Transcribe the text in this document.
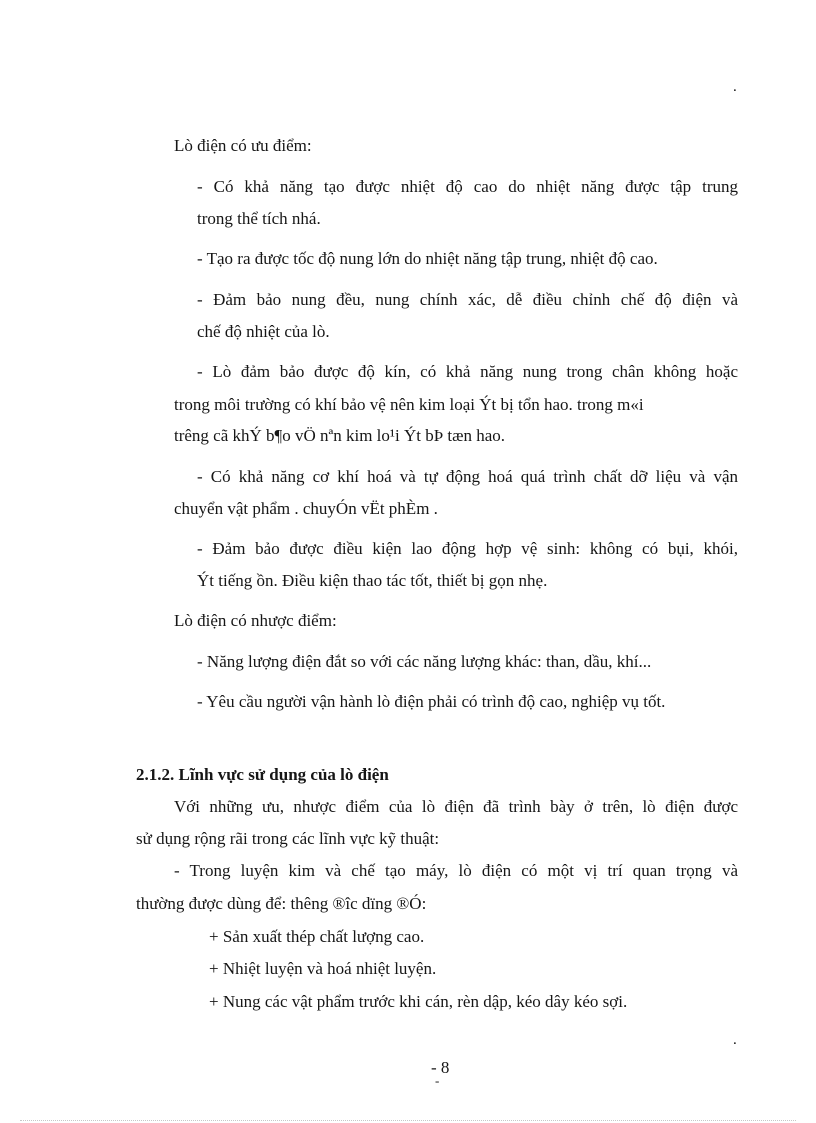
.
Lò điện có ưu điểm:
- Có khả năng tạo được nhiệt độ cao do nhiệt năng được tập trung
trong thể tích nhá.
- Tạo ra được tốc độ nung lớn do nhiệt năng tập trung, nhiệt độ cao.
- Đảm bảo nung đều, nung chính xác, dễ điều chỉnh chế độ điện và
chế độ nhiệt của lò.
- Lò đảm bảo được độ kín, có khả năng nung trong chân không hoặc
trong môi trường có khí bảo vệ nên kim loại Ýt bị tổn hao. trong m«i
trêng cã khÝ b¶o vÖ nªn kim lo¹i Ýt bÞ tæn hao.
- Có khả năng cơ khí hoá và tự động hoá quá trình chất dỡ liệu và vận
chuyển vật phẩm . chuyÓn vËt phÈm .
- Đảm bảo được điều kiện lao động hợp vệ sinh: không có bụi, khói,
Ýt tiếng ồn. Điều kiện thao tác tốt, thiết bị gọn nhẹ.
Lò điện có nhược điểm:
- Năng lượng điện đắt so với các năng lượng khác: than, dầu, khí...
- Yêu cầu người vận hành lò điện phải có trình độ cao, nghiệp vụ tốt.
2.1.2. Lĩnh vực sử dụng của lò điện
Với những ưu, nhược điểm của lò điện đã trình bày ở trên, lò điện được
sử dụng rộng rãi trong các lĩnh vực kỹ thuật:
- Trong luyện kim và chế tạo máy, lò điện có một vị trí quan trọng và
thường được dùng để: thêng ®îc dïng ®Ó:
+ Sản xuất thép chất lượng cao.
+ Nhiệt luyện và hoá nhiệt luyện.
+ Nung các vật phẩm trước khi cán, rèn dập, kéo dây kéo sợi.
.
- 8
-
